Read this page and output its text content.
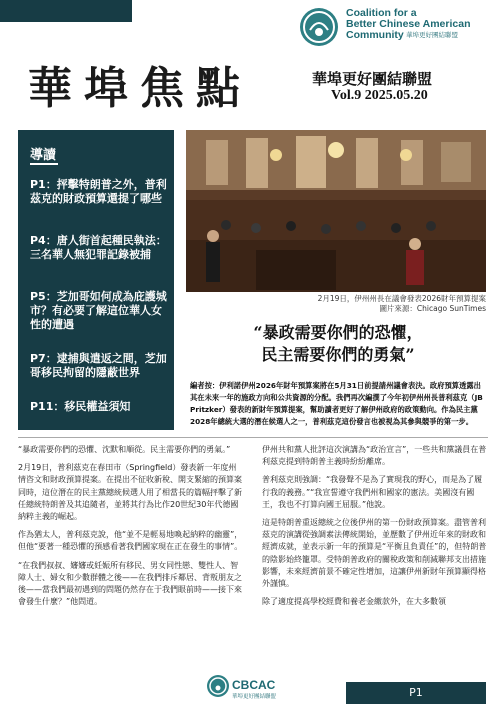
Coalition for a
Better Chinese American
Community 華埠更好團結聯盟
華埠焦點	華埠更好團結聯盟
Vol.9 2025.05.20
導讀
P1：抨擊特朗普之外，普利茲克的財政預算還提了哪些
P4：唐人街首起種民執法：三名華人無犯罪記錄被捕
P5：芝加哥如何成為庇護城市？有必要了解這位華人女性的遭遇
P7：逮捕與遣返之間，芝加哥移民拘留的隱蔽世界
P11：移民權益須知
2月19日，伊州州長在議會發表2026財年預算提案
圖片來源：Chicago SunTimes
“暴政需要你們的恐懼，
民主需要你們的勇氣”
編者按：伊利諾伊州2026年財年預算案將在5月31日前提請州議會表決。政府預算透露出其在未來一年的施政方向和公共資源的分配。我們再次編撰了今年初伊州州長普利茲克（JB Pritzker）發表的新財年預算提案，幫助讀者更好了解伊州政府的政策動向。作為民主黨2028年總統大選的潛在候選人之一，普利茲克這份發言也被視為其參與競爭的第一步。

“暴政需要你們的恐懼、沈默和順從。民主需要你們的勇氣。”

2月19日，普利茲克在春田市（Springfield）發表新一年度州情咨文和財政預算提案。在提出不征收新稅、開支緊縮的預算案同時，這位潛在的民主黨總統候選人用了相當長的篇幅抨擊了新任總統特朗普及其追隨者，並將其行為比作20世紀30年代德國納粹主義的崛起。

作為猶太人，普利茲克說，他“並不是輕易地喚起納粹的幽靈”，但他“要著一種恐懼的預感看著我們國家現在正在發生的事情”。

“在我們叔叔、嬸嬸或妊娠所有移民、男女同性戀、雙性人、智障人士、婦女和少數群體之後——在我們排斥鄰居、背叛朋友之後——當我們最初遇到的問題仍然存在于我們眼前時——接下來會發生什麼？”他問道。

伊州共和黨人批評這次演講為“政治宣言”，一些共和黨議員在普利茲克提到特朗普主義時紛紛離席。

普利茲克則強調：“我發聲不是為了實現我的野心，而是為了履行我的義務。”“我宣誓遵守我們州和國家的憲法。美國沒有國王，我也不打算向國王屈服。”他說。

這是特朗普重返總統之位後伊州的第一份財政預算案。盡管普利茲克的演講從強調素法傳統開始，並歷數了伊州近年來的財政和經濟成就，並表示新一年的預算是“平衡且負責任”的，但特朗普的陰影始終籠罩。受特朗普政府的關稅政策和削減聯邦支出措施影響，未來經濟前景不確定性增加，這讓伊州新財年預算顯得格外謹慎。

除了適度提高學校經費和養老金繳款外，在大多數領

CBCAC
華埠更好團結聯盟	P1
